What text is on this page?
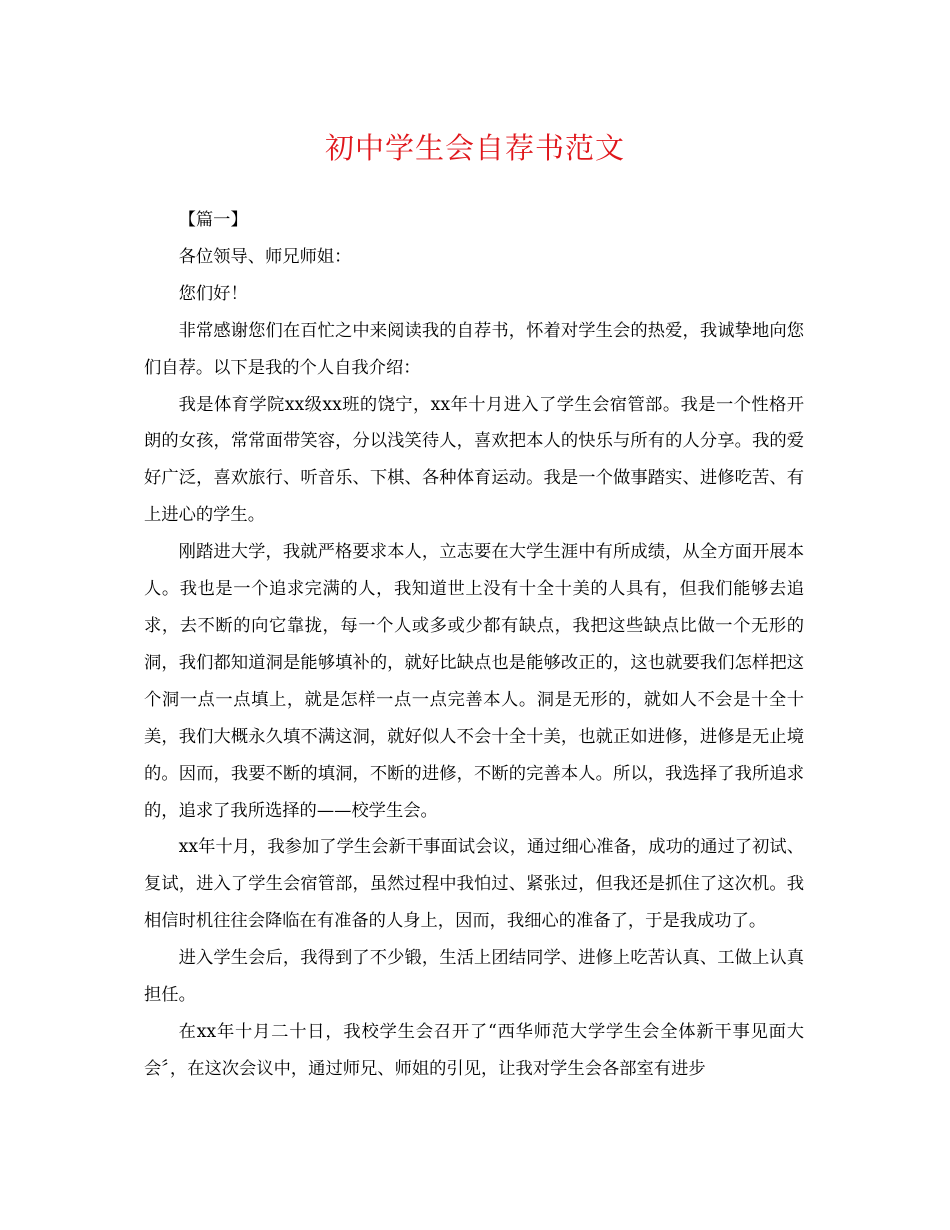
初中学生会自荐书范文

【篇一】

各位领导、师兄师姐：

您们好！

非常感谢您们在百忙之中来阅读我的自荐书，怀着对学生会的热爱，我诚挚地向您们自荐。以下是我的个人自我介绍：

我是体育学院xx级xx班的饶宁，xx年十月进入了学生会宿管部。我是一个性格开朗的女孩，常常面带笑容，分以浅笑待人，喜欢把本人的快乐与所有的人分享。我的爱好广泛，喜欢旅行、听音乐、下棋、各种体育运动。我是一个做事踏实、进修吃苦、有上进心的学生。

刚踏进大学，我就严格要求本人，立志要在大学生涯中有所成绩，从全方面开展本人。我也是一个追求完满的人，我知道世上没有十全十美的人具有，但我们能够去追求，去不断的向它靠拢，每一个人或多或少都有缺点，我把这些缺点比做一个无形的洞，我们都知道洞是能够填补的，就好比缺点也是能够改正的，这也就要我们怎样把这个洞一点一点填上，就是怎样一点一点完善本人。洞是无形的，就如人不会是十全十美，我们大概永久填不满这洞，就好似人不会十全十美，也就正如进修，进修是无止境的。因而，我要不断的填洞，不断的进修，不断的完善本人。所以，我选择了我所追求的，追求了我所选择的——校学生会。

xx年十月，我参加了学生会新干事面试会议，通过细心准备，成功的通过了初试、复试，进入了学生会宿管部，虽然过程中我怕过、紧张过，但我还是抓住了这次机。我相信时机往往会降临在有准备的人身上，因而，我细心的准备了，于是我成功了。

进入学生会后，我得到了不少锻，生活上团结同学、进修上吃苦认真、工做上认真担任。

在xx年十月二十日，我校学生会召开了“西华师范大学学生会全体新干事见面大会〞，在这次会议中，通过师兄、师姐的引见，让我对学生会各部室有进步
